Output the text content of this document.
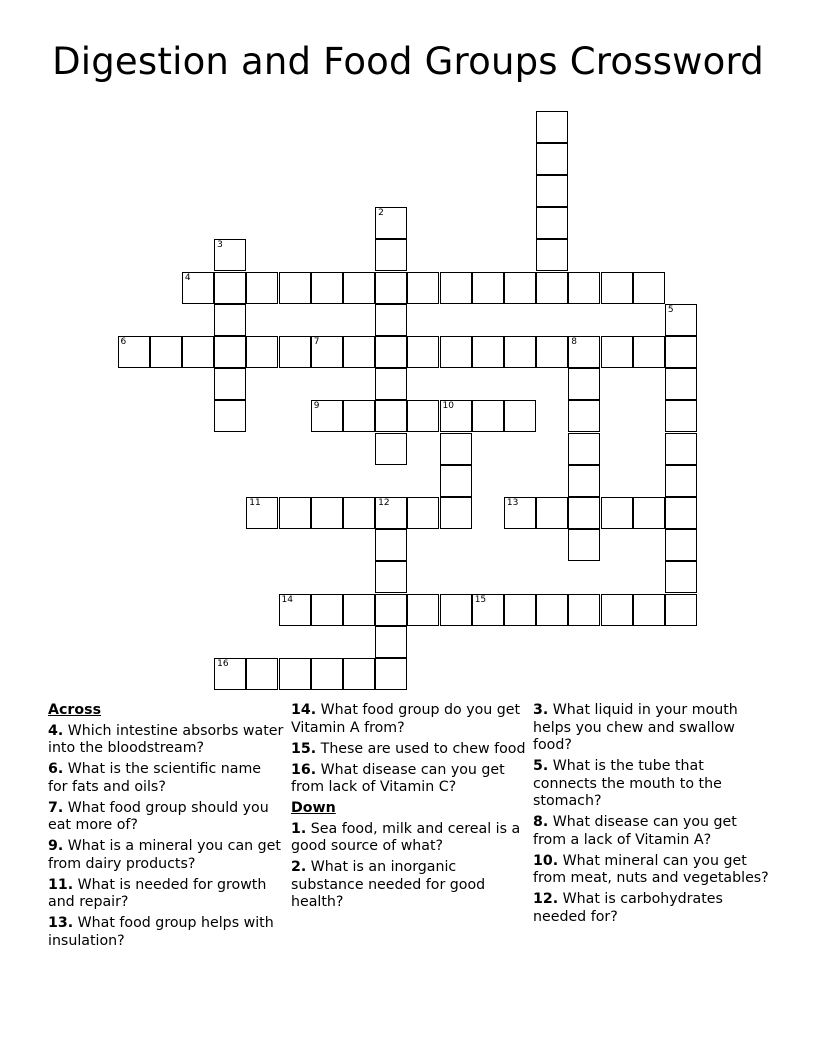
Digestion and Food Groups Crossword
2
3
4
5
6	7	8
9	10
11	12	13
14	15
16
Across
4. Which intestine absorbs water into the bloodstream?
6. What is the scientific name for fats and oils?
7. What food group should you eat more of?
9. What is a mineral you can get from dairy products?
11. What is needed for growth and repair?
13. What food group helps with insulation?
14. What food group do you get Vitamin A from?
15. These are used to chew food
16. What disease can you get from lack of Vitamin C?
Down
1. Sea food, milk and cereal is a good source of what?
2. What is an inorganic substance needed for good health?
3. What liquid in your mouth helps you chew and swallow food?
5. What is the tube that connects the mouth to the stomach?
8. What disease can you get from a lack of Vitamin A?
10. What mineral can you get from meat, nuts and vegetables?
12. What is carbohydrates needed for?
